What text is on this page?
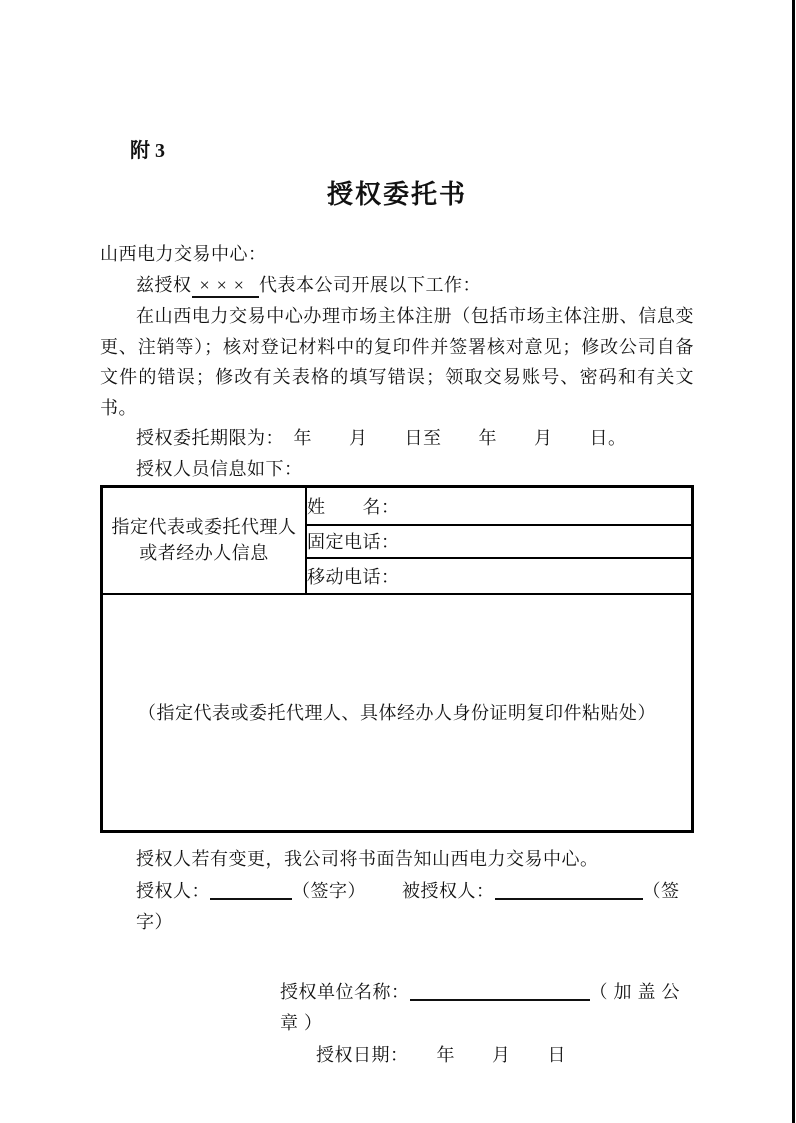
附 3
授权委托书
山西电力交易中心：
兹授权 ××× 代表本公司开展以下工作：
在山西电力交易中心办理市场主体注册（包括市场主体注册、信息变更、注销等）；核对登记材料中的复印件并签署核对意见；修改公司自备文件的错误；修改有关表格的填写错误；领取交易账号、密码和有关文书。
授权委托期限为：　年　　月　　日至　　年　　月　　日。
授权人员信息如下：
指定代表或委托代理人或者经办人信息	姓　　名：
固定电话：
移动电话：
（指定代表或委托代理人、具体经办人身份证明复印件粘贴处）
授权人若有变更，我公司将书面告知山西电力交易中心。
授权人：	（签字） 被授权人：	（签字）
授权单位名称：	（加盖公章）
授权日期：　　年　　月　　日
